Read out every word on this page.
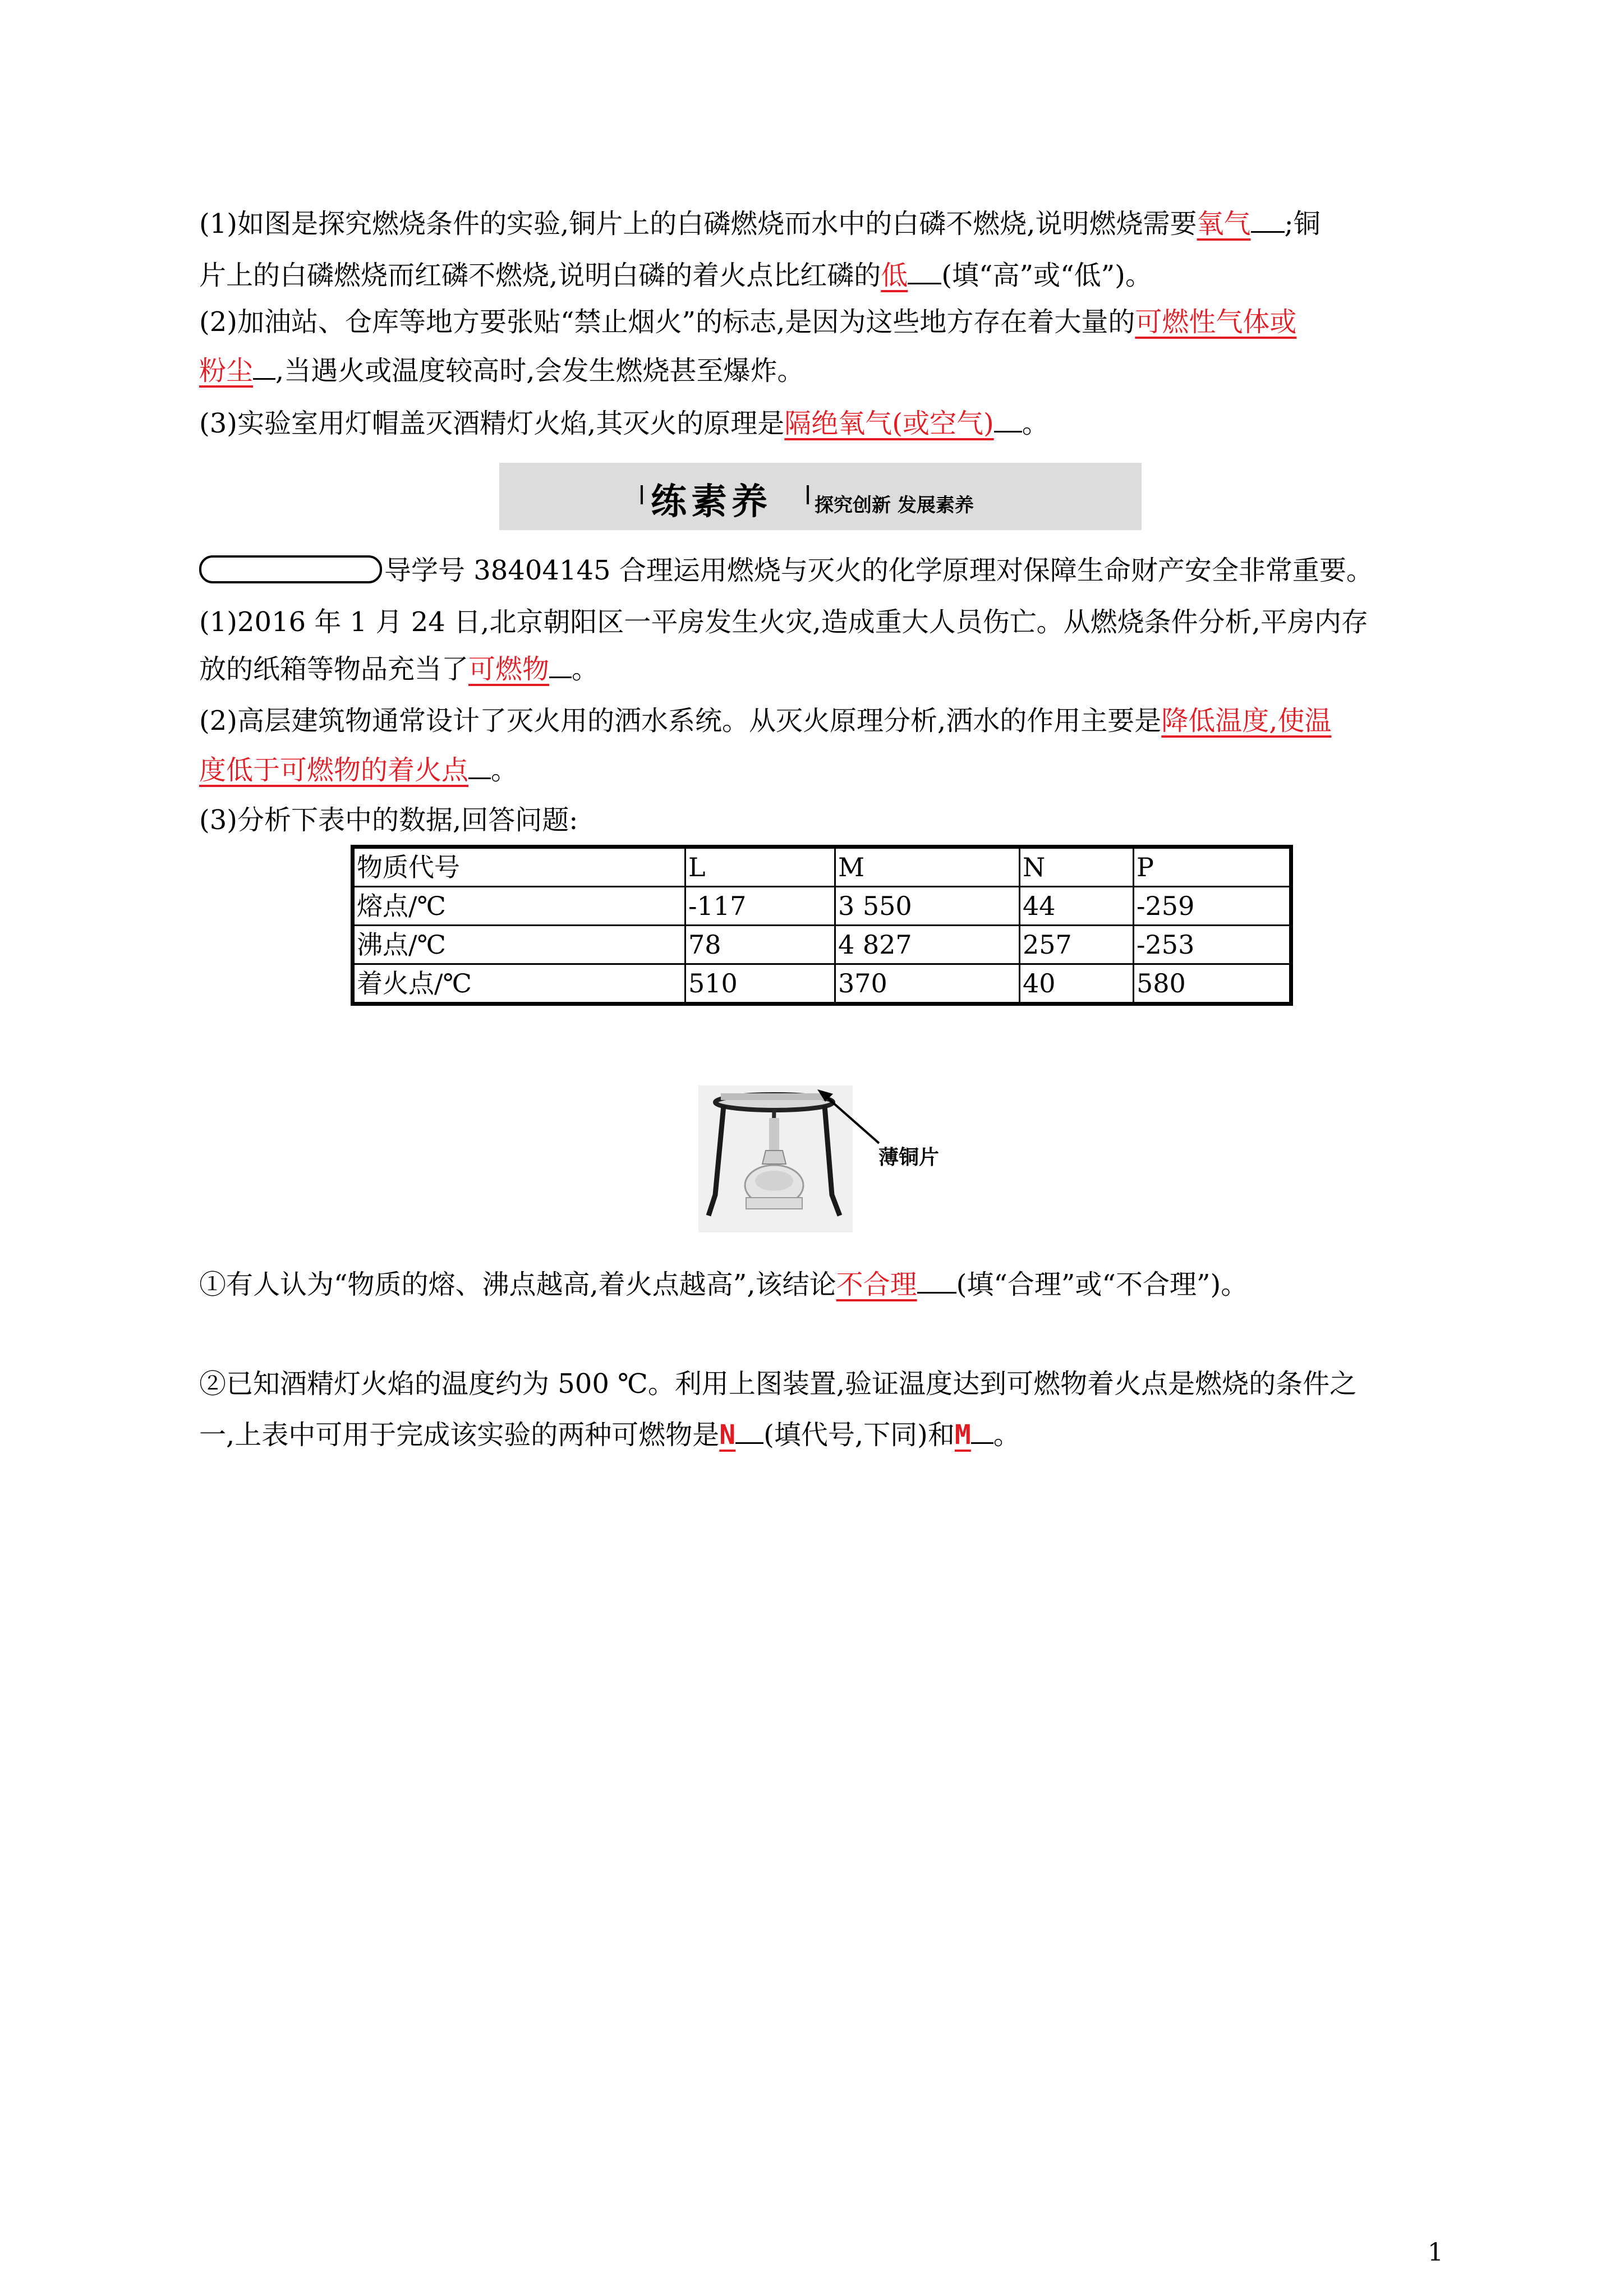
(1)如图是探究燃烧条件的实验,铜片上的白磷燃烧而水中的白磷不燃烧,说明燃烧需要氧气 ;铜
片上的白磷燃烧而红磷不燃烧,说明白磷的着火点比红磷的低 (填“高”或“低”)。
(2)加油站、仓库等地方要张贴“禁止烟火”的标志,是因为这些地方存在着大量的可燃性气体或
粉尘 ,当遇火或温度较高时,会发生燃烧甚至爆炸。
(3)实验室用灯帽盖灭酒精灯火焰,其灭火的原理是隔绝氧气(或空气) 。
练素养 探究创新 发展素养
导学号 38404145 合理运用燃烧与灭火的化学原理对保障生命财产安全非常重要。
(1)2016 年 1 月 24 日,北京朝阳区一平房发生火灾,造成重大人员伤亡。从燃烧条件分析,平房内存
放的纸箱等物品充当了可燃物 。
(2)高层建筑物通常设计了灭火用的洒水系统。从灭火原理分析,洒水的作用主要是降低温度,使温
度低于可燃物的着火点 。
(3)分析下表中的数据,回答问题:
物质代号	L	M	N	P
熔点/℃	-117	3 550	44	-259
沸点/℃	78	4 827	257	-253
着火点/℃	510	370	40	580
薄铜片
①有人认为“物质的熔、沸点越高,着火点越高”,该结论不合理 (填“合理”或“不合理”)。
②已知酒精灯火焰的温度约为 500 ℃。利用上图装置,验证温度达到可燃物着火点是燃烧的条件之
一,上表中可用于完成该实验的两种可燃物是N (填代号,下同)和M 。
1
